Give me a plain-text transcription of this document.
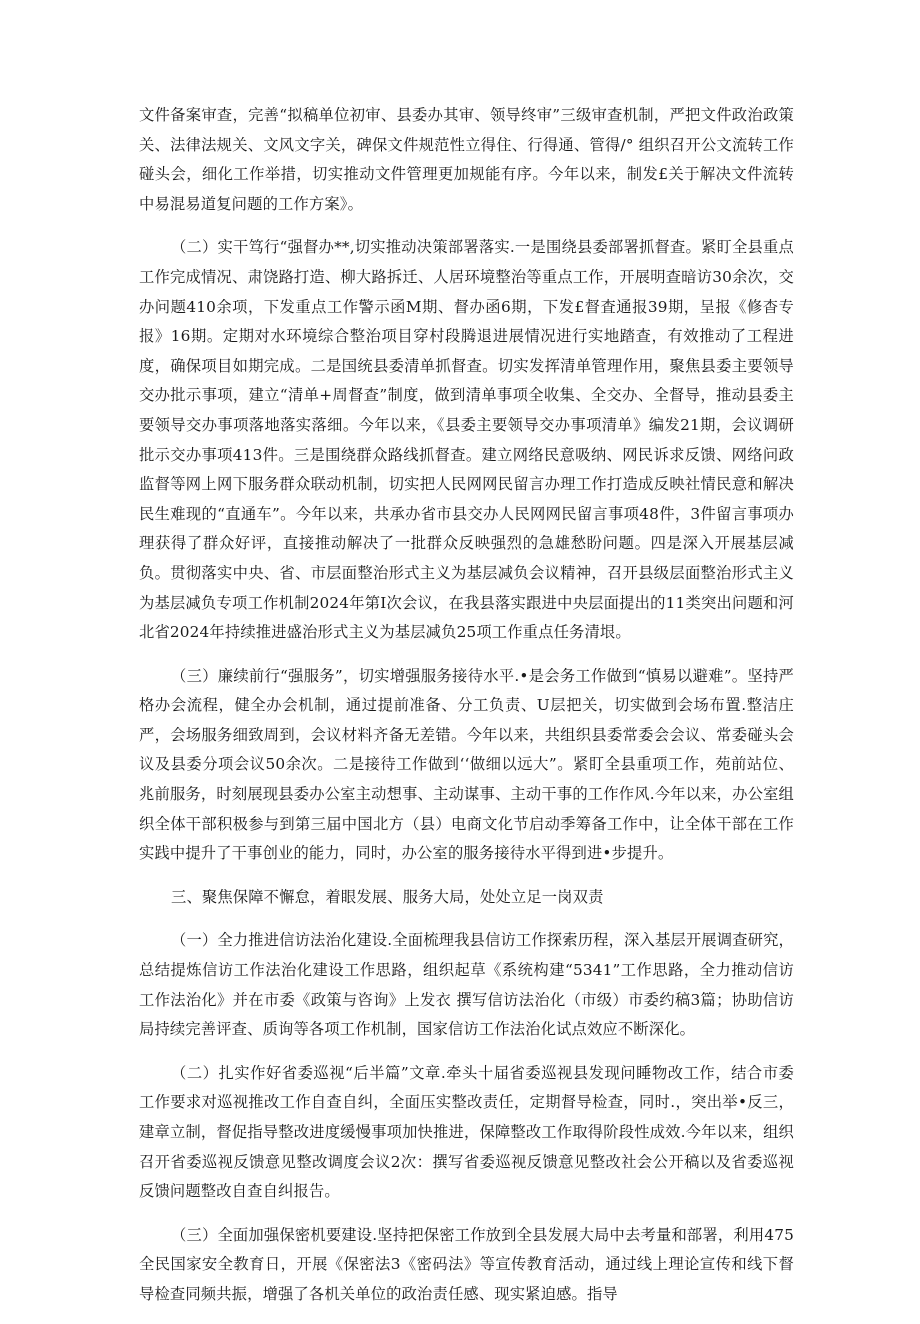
文件备案审查，完善“拟稿单位初审、县委办其审、领导终审”三级审查机制，严把文件政治政策关、法律法规关、文风文字关，碑保文件规范性立得住、行得通、管得/° 组织召开公文流转工作碰头会，细化工作举措，切实推动文件管理更加规能有序。今年以来，制发£关于解决文件流转中易混易道复问题的工作方案》。

（二）实干笃行“强督办**,切实推动决策部署落实.一是围绕县委部署抓督查。紧盯全县重点工作完成情况、肃饶路打造、柳大路拆迁、人居环境整治等重点工作，开展明查暗访30余次，交办问题410余项，下发重点工作警示函M期、督办函6期，下发£督査通报39期，呈报《修杳专报》16期。定期对水环境综合整治项目穿村段腾退进展情况进行实地踏查，有效推动了工程进度，确保项目如期完成。二是国统县委清单抓督查。切实发挥清单管理作用，聚焦县委主要领导交办批示事项，建立“清单+周督查”制度，做到清单事项全收集、全交办、全督导，推动县委主要领导交办事项落地落实落细。今年以来，《县委主要领导交办事项清单》编发21期，会议调研批示交办事项413件。三是围绕群众路线抓督查。建立网络民意吸纳、网民诉求反馈、网络问政监督等网上网下服务群众联动机制，切实把人民网网民留言办理工作打造成反映社情民意和解决民生难现的“直通车”。今年以来，共承办省市县交办人民网网民留言事项48件，3件留言事项办理获得了群众好评，直接推动解决了一批群众反映强烈的急雄愁盼问题。四是深入开展基层减负。贯彻落实中央、省、市层面整治形式主义为基层减负会议精神，召开县级层面整治形式主义为基层减负专项工作机制2024年第I次会议，在我县落实跟进中央层面提出的11类突出问题和河北省2024年持续推进盛治形式主义为基层减负25项工作重点任务清垠。

（三）廉续前行“强服务”，切实增强服务接待水平.•是会务工作做到“慎易以避难”。坚持严格办会流程，健全办会机制，通过提前准备、分工负责、U层把关，切实做到会场布置.整洁庄严，会场服务细致周到，会议材料齐备无差错。今年以来，共组织县委常委会会议、常委碰头会议及县委分项会议50余次。二是接待工作做到‘‘做细以远大”。紧盯全县重项工作，苑前站位、兆前服务，时刻展现县委办公室主动想事、主动谋事、主动干事的工作作风.今年以来，办公室组织全体干部积极参与到第三届中国北方（县）电商文化节启动季筹备工作中，让全体干部在工作实践中提升了干事创业的能力，同时，办公室的服务接待水平得到进•步提升。

三、聚焦保障不懈怠，着眼发展、服务大局，处处立足一岗双责

（一）全力推进信访法治化建设.全面梳理我县信访工作探索历程，深入基层开展调查研究，总结提炼信访工作法治化建设工作思路，组织起草《系统构建“5341”工作思路，全力推动信访工作法治化》并在市委《政策与咨询》上发衣 撰写信访法治化（市级）市委约稿3篇；协助信访局持续完善评查、质询等各项工作机制，国家信访工作法治化试点效应不断深化。

（二）扎实作好省委巡视“后半篇”文章.牵头十届省委巡视县发现问睡物改工作，结合市委工作要求对巡视推改工作自查自纠，全面压实整改责任，定期督导检查，同时.，突出举•反三，建章立制，督促指导整改进度缓慢事项加快推进，保障整改工作取得阶段性成效.今年以来，组织召开省委巡视反馈意见整改调度会议2次：撰写省委巡视反馈意见整改社会公开稿以及省委巡视反馈问题整改自查自纠报告。

（三）全面加强保密机要建设.坚持把保密工作放到全县发展大局中去考量和部署，利用475全民国家安全教育日，开展《保密法3《密码法》等宣传教育活动，通过线上理论宣传和线下督导检查同频共振，增强了各机关单位的政治责任感、现实紧迫感。指导
